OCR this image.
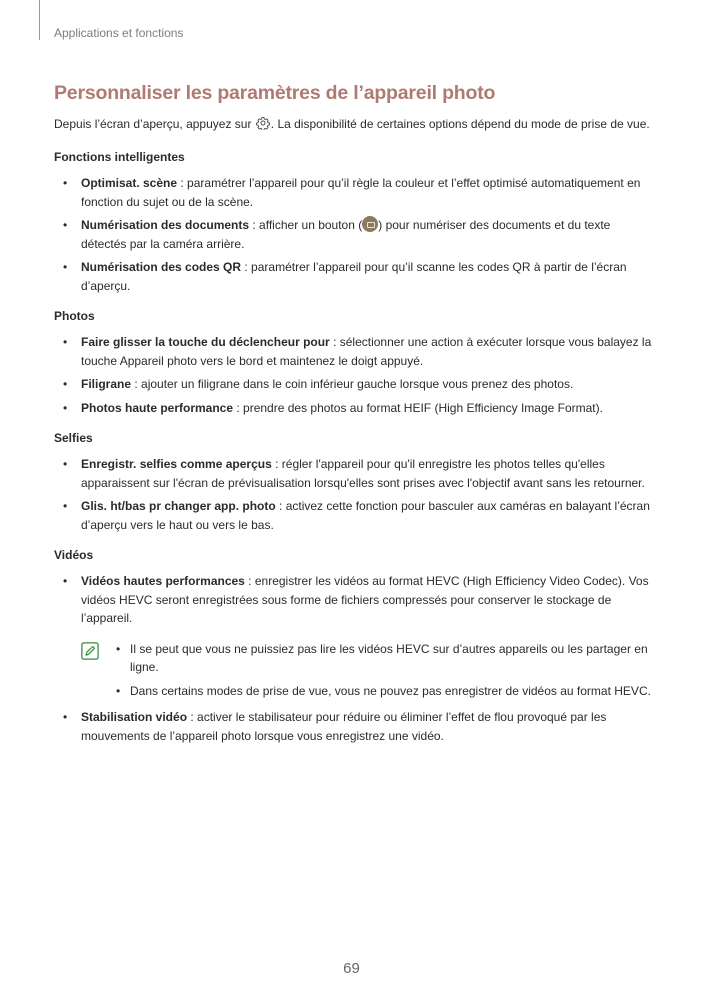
Applications et fonctions
Personnaliser les paramètres de l’appareil photo

Depuis l’écran d’aperçu, appuyez sur . La disponibilité de certaines options dépend du mode de prise de vue.

Fonctions intelligentes
• Optimisat. scène : paramétrer l’appareil pour qu’il règle la couleur et l’effet optimisé automatiquement en fonction du sujet ou de la scène.
• Numérisation des documents : afficher un bouton ( ) pour numériser des documents et du texte détectés par la caméra arrière.
• Numérisation des codes QR : paramétrer l’appareil pour qu’il scanne les codes QR à partir de l’écran d’aperçu.
Photos
• Faire glisser la touche du déclencheur pour : sélectionner une action à exécuter lorsque vous balayez la touche Appareil photo vers le bord et maintenez le doigt appuyé.
• Filigrane : ajouter un filigrane dans le coin inférieur gauche lorsque vous prenez des photos.
• Photos haute performance : prendre des photos au format HEIF (High Efficiency Image Format).
Selfies
• Enregistr. selfies comme aperçus : régler l'appareil pour qu'il enregistre les photos telles qu'elles apparaissent sur l'écran de prévisualisation lorsqu'elles sont prises avec l'objectif avant sans les retourner.
• Glis. ht/bas pr changer app. photo : activez cette fonction pour basculer aux caméras en balayant l’écran d’aperçu vers le haut ou vers le bas.
Vidéos
• Vidéos hautes performances : enregistrer les vidéos au format HEVC (High Efficiency Video Codec). Vos vidéos HEVC seront enregistrées sous forme de fichiers compressés pour conserver le stockage de l’appareil.
• Il se peut que vous ne puissiez pas lire les vidéos HEVC sur d’autres appareils ou les partager en ligne.
• Dans certains modes de prise de vue, vous ne pouvez pas enregistrer de vidéos au format HEVC.
• Stabilisation vidéo : activer le stabilisateur pour réduire ou éliminer l’effet de flou provoqué par les mouvements de l’appareil photo lorsque vous enregistrez une vidéo.
69
